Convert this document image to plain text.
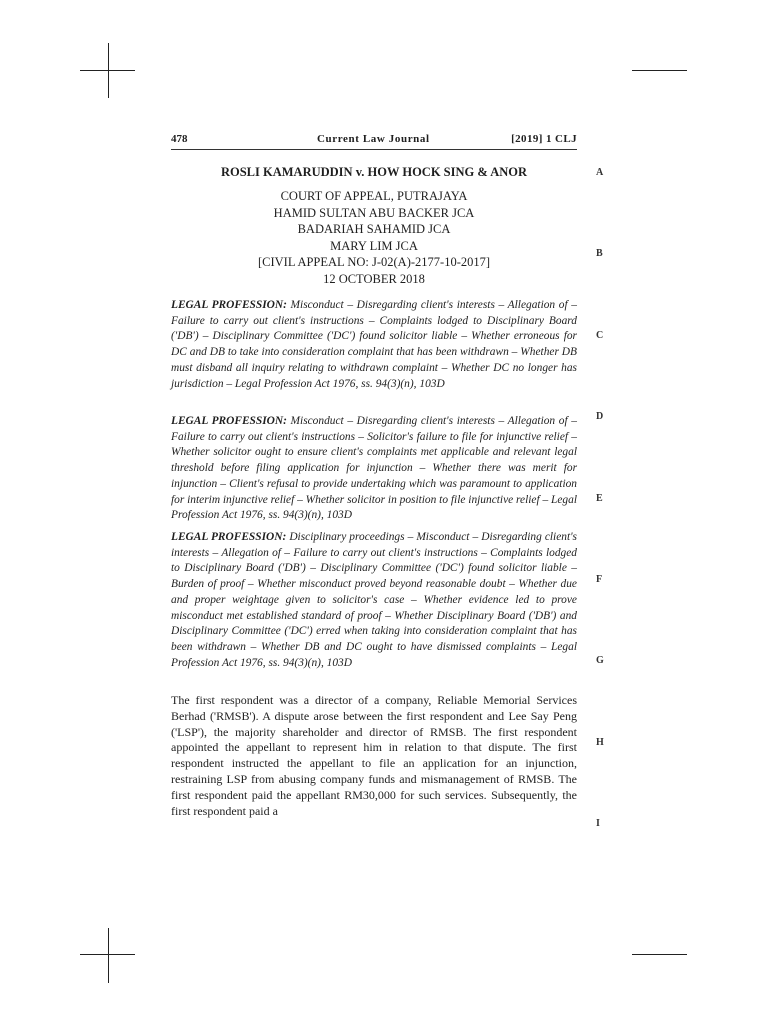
478	Current Law Journal	[2019] 1 CLJ
ROSLI KAMARUDDIN v. HOW HOCK SING & ANOR
COURT OF APPEAL, PUTRAJAYA
HAMID SULTAN ABU BACKER JCA
BADARIAH SAHAMID JCA
MARY LIM JCA
[CIVIL APPEAL NO: J-02(A)-2177-10-2017]
12 OCTOBER 2018
LEGAL PROFESSION: Misconduct – Disregarding client's interests – Allegation of – Failure to carry out client's instructions – Complaints lodged to Disciplinary Board ('DB') – Disciplinary Committee ('DC') found solicitor liable – Whether erroneous for DC and DB to take into consideration complaint that has been withdrawn – Whether DB must disband all inquiry relating to withdrawn complaint – Whether DC no longer has jurisdiction – Legal Profession Act 1976, ss. 94(3)(n), 103D
LEGAL PROFESSION: Misconduct – Disregarding client's interests – Allegation of – Failure to carry out client's instructions – Solicitor's failure to file for injunctive relief – Whether solicitor ought to ensure client's complaints met applicable and relevant legal threshold before filing application for injunction – Whether there was merit for injunction – Client's refusal to provide undertaking which was paramount to application for interim injunctive relief – Whether solicitor in position to file injunctive relief – Legal Profession Act 1976, ss. 94(3)(n), 103D
LEGAL PROFESSION: Disciplinary proceedings – Misconduct – Disregarding client's interests – Allegation of – Failure to carry out client's instructions – Complaints lodged to Disciplinary Board ('DB') – Disciplinary Committee ('DC') found solicitor liable – Burden of proof – Whether misconduct proved beyond reasonable doubt – Whether due and proper weightage given to solicitor's case – Whether evidence led to prove misconduct met established standard of proof – Whether Disciplinary Board ('DB') and Disciplinary Committee ('DC') erred when taking into consideration complaint that has been withdrawn – Whether DB and DC ought to have dismissed complaints – Legal Profession Act 1976, ss. 94(3)(n), 103D
The first respondent was a director of a company, Reliable Memorial Services Berhad ('RMSB'). A dispute arose between the first respondent and Lee Say Peng ('LSP'), the majority shareholder and director of RMSB. The first respondent appointed the appellant to represent him in relation to that dispute. The first respondent instructed the appellant to file an application for an injunction, restraining LSP from abusing company funds and mismanagement of RMSB. The first respondent paid the appellant RM30,000 for such services. Subsequently, the first respondent paid a
A
B
C
D
E
F
G
H
I
